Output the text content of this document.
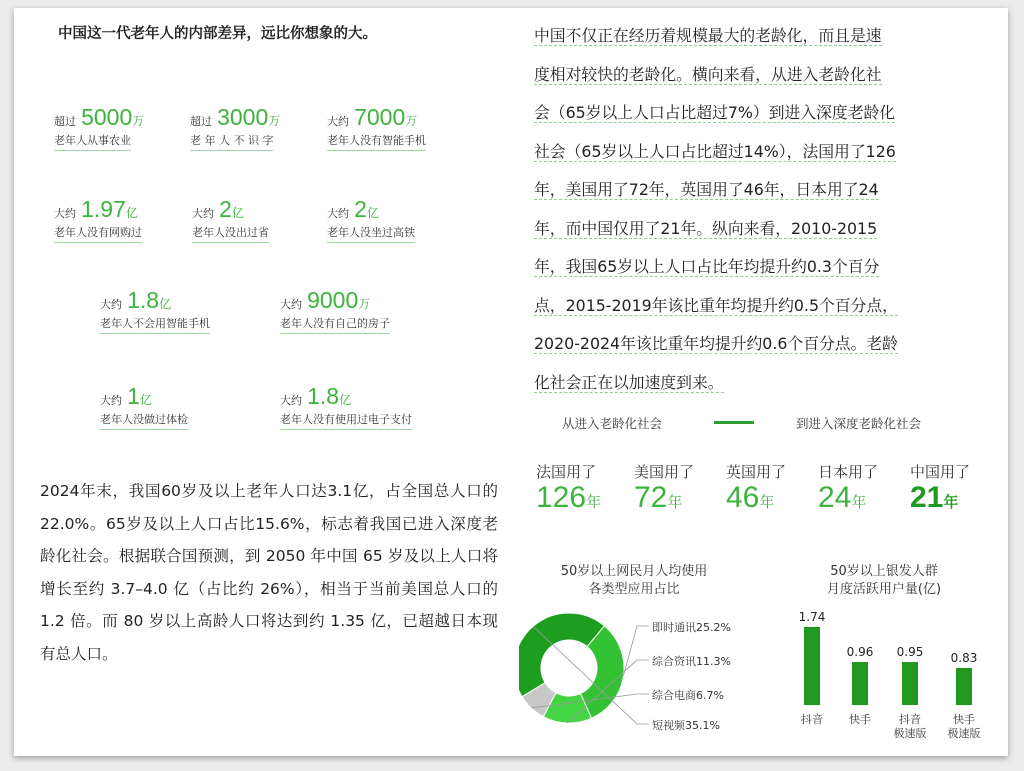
中国这一代老年人的内部差异，远比你想象的大。
超过 5000万
老年人从事农业
超过 3000万
老 年 人 不 识 字
大约 7000万
老年人没有智能手机
大约 1.97亿
老年人没有网购过
大约 2亿
老年人没出过省
大约 2亿
老年人没坐过高铁
大约 1.8亿
老年人不会用智能手机
大约 9000万
老年人没有自己的房子
大约 1亿
老年人没做过体检
大约 1.8亿
老年人没有使用过电子支付
2024年末，我国60岁及以上老年人口达3.1亿，占全国总人口的22.0%。65岁及以上人口占比15.6%，标志着我国已进入深度老龄化社会。根据联合国预测，到 2050 年中国 65 岁及以上人口将增长至约 3.7–4.0 亿（占比约 26%），相当于当前美国总人口的 1.2 倍。而 80 岁以上高龄人口将达到约 1.35 亿，已超越日本现有总人口。
中国不仅正在经历着规模最大的老龄化，而且是速
度相对较快的老龄化。横向来看，从进入老龄化社
会（65岁以上人口占比超过7%）到进入深度老龄化
社会（65岁以上人口占比超过14%），法国用了126
年，美国用了72年，英国用了46年，日本用了24
年，而中国仅用了21年。纵向来看，2010-2015
年，我国65岁以上人口占比年均提升约0.3个百分
点，2015-2019年该比重年均提升约0.5个百分点，
2020-2024年该比重年均提升约0.6个百分点。老龄
化社会正在以加速度到来。
从进入老龄化社会	到进入深度老龄化社会
法国用了
126年
美国用了
72年
英国用了
46年
日本用了
24年
中国用了
21年
50岁以上网民月人均使用
各类型应用占比
即时通讯25.2%
综合资讯11.3%
综合电商6.7%
短视频35.1%
50岁以上银发人群
月度活跃用户量(亿)
1.74
抖音
0.96
快手
0.95
抖音
极速版
0.83
快手
极速版
